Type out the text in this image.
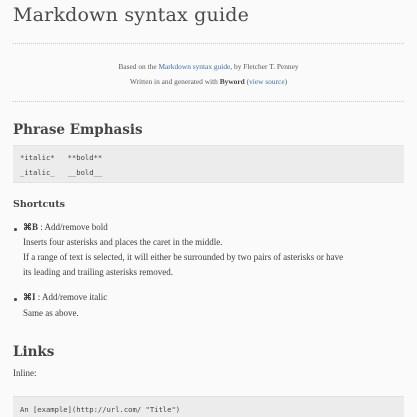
Markdown syntax guide
Based on the Markdown syntax guide, by Fletcher T. Penney
Written in and generated with Byword (view source)
Phrase Emphasis
*italic*   **bold**
_italic_   __bold__
Shortcuts
⌘B : Add/remove bold
Inserts four asterisks and places the caret in the middle.
If a range of text is selected, it will either be surrounded by two pairs of asterisks or have
its leading and trailing asterisks removed.
⌘I : Add/remove italic
Same as above.
Links
Inline:
An [example](http://url.com/ "Title")
